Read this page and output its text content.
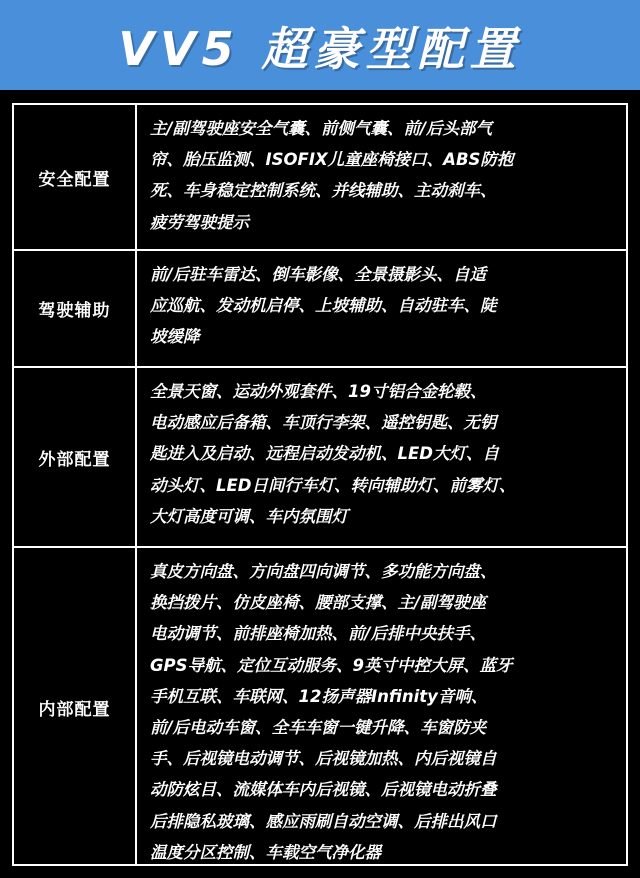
VV5 超豪型配置
安全配置
主/副驾驶座安全气囊、前侧气囊、前/后头部气
帘、胎压监测、ISOFIX儿童座椅接口、ABS防抱
死、车身稳定控制系统、并线辅助、主动刹车、
疲劳驾驶提示
驾驶辅助
前/后驻车雷达、倒车影像、全景摄影头、自适
应巡航、发动机启停、上坡辅助、自动驻车、陡
坡缓降
外部配置
全景天窗、运动外观套件、19寸铝合金轮毂、
电动感应后备箱、车顶行李架、遥控钥匙、无钥
匙进入及启动、远程启动发动机、LED大灯、自
动头灯、LED日间行车灯、转向辅助灯、前雾灯、
大灯高度可调、车内氛围灯
内部配置
真皮方向盘、方向盘四向调节、多功能方向盘、
换挡拨片、仿皮座椅、腰部支撑、主/副驾驶座
电动调节、前排座椅加热、前/后排中央扶手、
GPS导航、定位互动服务、9英寸中控大屏、蓝牙
手机互联、车联网、12扬声器Infinity音响、
前/后电动车窗、全车车窗一键升降、车窗防夹
手、后视镜电动调节、后视镜加热、内后视镜自
动防炫目、流媒体车内后视镜、后视镜电动折叠
后排隐私玻璃、感应雨刷自动空调、后排出风口
温度分区控制、车载空气净化器
